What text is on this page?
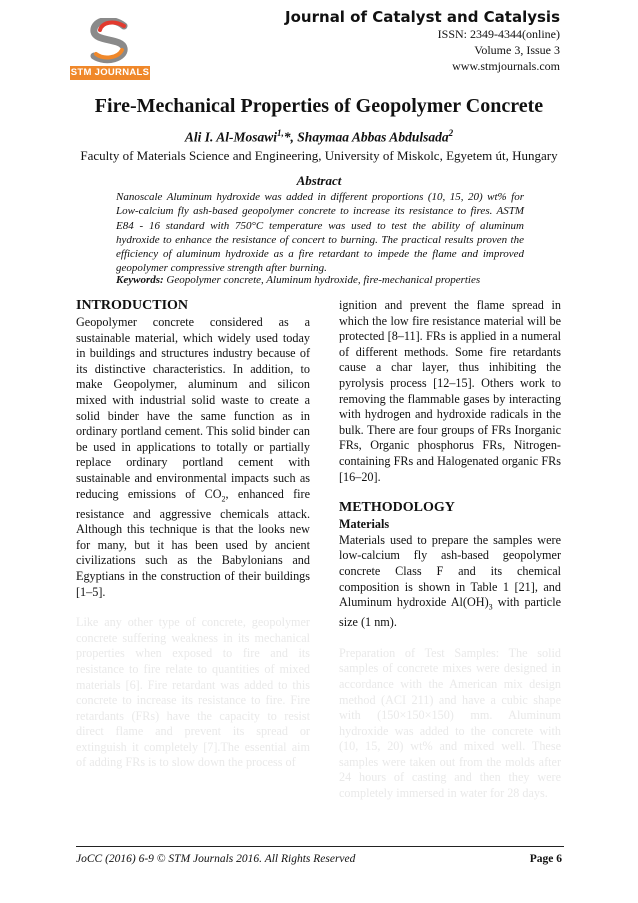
STM JOURNALS
Journal of Catalyst and Catalysis
ISSN: 2349-4344(online)
Volume 3, Issue 3
www.stmjournals.com
Fire-Mechanical Properties of Geopolymer Concrete
Ali I. Al-Mosawi$^{1,}$*, Shaymaa Abbas Abdulsada$^2$
Faculty of Materials Science and Engineering, University of Miskolc, Egyetem út, Hungary
Abstract
Nanoscale Aluminum hydroxide was added in different proportions (10, 15, 20) wt% for Low-calcium fly ash-based geopolymer concrete to increase its resistance to fires. ASTM E84 - 16 standard with 750°C temperature was used to test the ability of aluminum hydroxide to enhance the resistance of concert to burning. The practical results proven the efficiency of aluminum hydroxide as a fire retardant to impede the flame and improved geopolymer compressive strength after burning.
Keywords: Geopolymer concrete, Aluminum hydroxide, fire-mechanical properties
INTRODUCTION

Geopolymer concrete considered as a sustainable material, which widely used today in buildings and structures industry because of its distinctive characteristics. In addition, to make Geopolymer, aluminum and silicon mixed with industrial solid waste to create a solid binder have the same function as in ordinary portland cement. This solid binder can be used in applications to totally or partially replace ordinary portland cement with sustainable and environmental impacts such as reducing emissions of $CO_2$, enhanced fire resistance and aggressive chemicals attack. Although this technique is that the looks new for many, but it has been used by ancient civilizations such as the Babylonians and Egyptians in the construction of their buildings [1–5].

Like any other type of concrete, geopolymer concrete suffering weakness in its mechanical properties when exposed to fire and its resistance to fire relate to quantities of mixed materials [6]. Fire retardant was added to this concrete to increase its resistance to fire. Fire retardants (FRs) have the capacity to resist direct flame and prevent its spread or extinguish it completely [7].The essential aim of adding FRs is to slow down the process of

ignition and prevent the flame spread in which the low fire resistance material will be protected [8–11]. FRs is applied in a numeral of different methods. Some fire retardants cause a char layer, thus inhibiting the pyrolysis process [12–15]. Others work to removing the flammable gases by interacting with hydrogen and hydroxide radicals in the bulk. There are four groups of FRs Inorganic FRs, Organic phosphorus FRs, Nitrogen-containing FRs and Halogenated organic FRs [16–20].

METHODOLOGY

Materials

Materials used to prepare the samples were low-calcium fly ash-based geopolymer concrete Class F and its chemical composition is shown in Table 1 [21], and Aluminum hydroxide $Al(OH)_3$ with particle size (1 nm).

Preparation of Test Samples: The solid samples of concrete mixes were designed in accordance with the American mix design method (ACI 211) and have a cubic shape with (150×150×150) mm. Aluminum hydroxide was added to the concrete with (10, 15, 20) wt% and mixed well. These samples were taken out from the molds after 24 hours of casting and then they were completely immersed in water for 28 days.

JoCC (2016) 6-9 © STM Journals 2016. All Rights Reserved	Page 6
